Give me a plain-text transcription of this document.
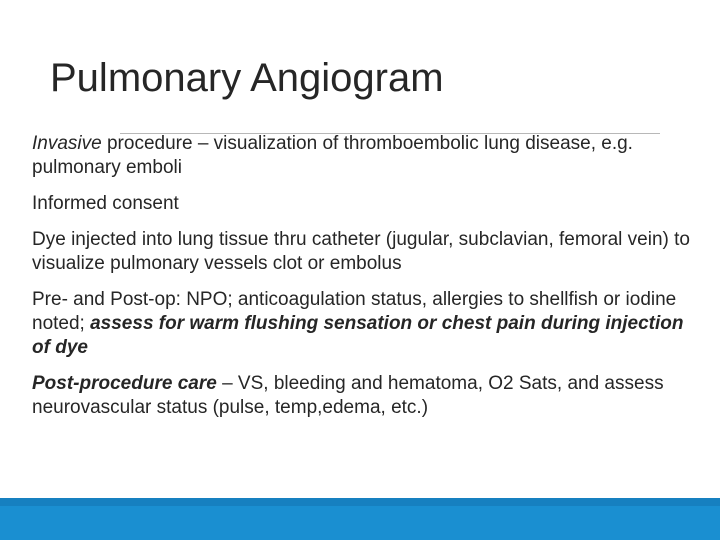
Pulmonary Angiogram

Invasive procedure – visualization of thromboembolic lung disease, e.g. pulmonary emboli

Informed consent

Dye injected into lung tissue thru catheter (jugular, subclavian, femoral vein) to visualize pulmonary vessels clot or embolus

Pre- and Post-op: NPO; anticoagulation status, allergies to shellfish or iodine noted; assess for warm flushing sensation or chest pain during injection of dye

Post-procedure care – VS, bleeding and hematoma, O2 Sats, and assess neurovascular status (pulse, temp,edema, etc.)
